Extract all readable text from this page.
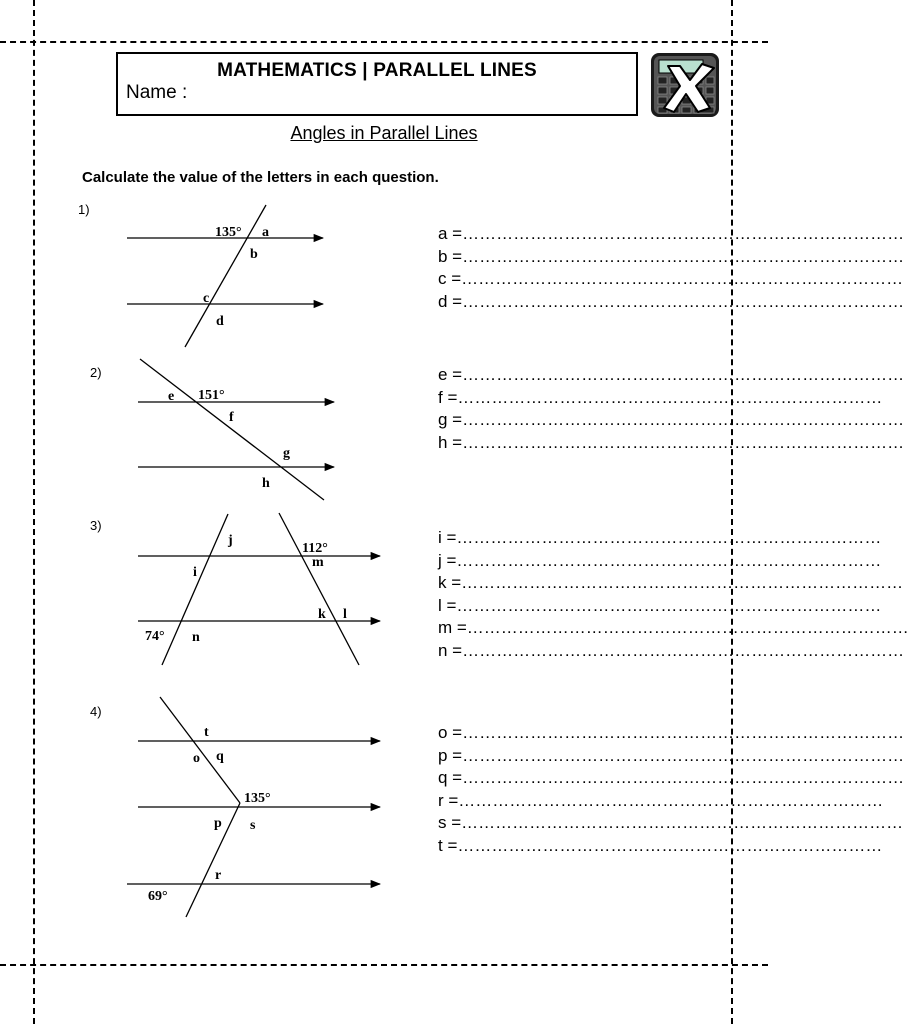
MATHEMATICS | PARALLEL LINES
Name :
Angles in Parallel Lines
Calculate the value of the letters in each question.
1)
2)
3)
4)
135° a
b
c
d
e 151°
f
g
h
j
112°
m
i
k l
74° n
t
o q
135°
p s
r
69°
a =……………………………………………………………………
b =……………………………………………………………………
c =……………………………………………………………………
d =……………………………………………………………………
e =……………………………………………………………………
f =…………………………………………………………………
g =……………………………………………………………………
h =……………………………………………………………………
i =…………………………………………………………………
j =…………………………………………………………………
k =……………………………………………………………………
l =…………………………………………………………………
m =……………………………………………………………………
n =……………………………………………………………………
o =……………………………………………………………………
p =……………………………………………………………………
q =……………………………………………………………………
r =…………………………………………………………………
s =……………………………………………………………………
t =…………………………………………………………………
